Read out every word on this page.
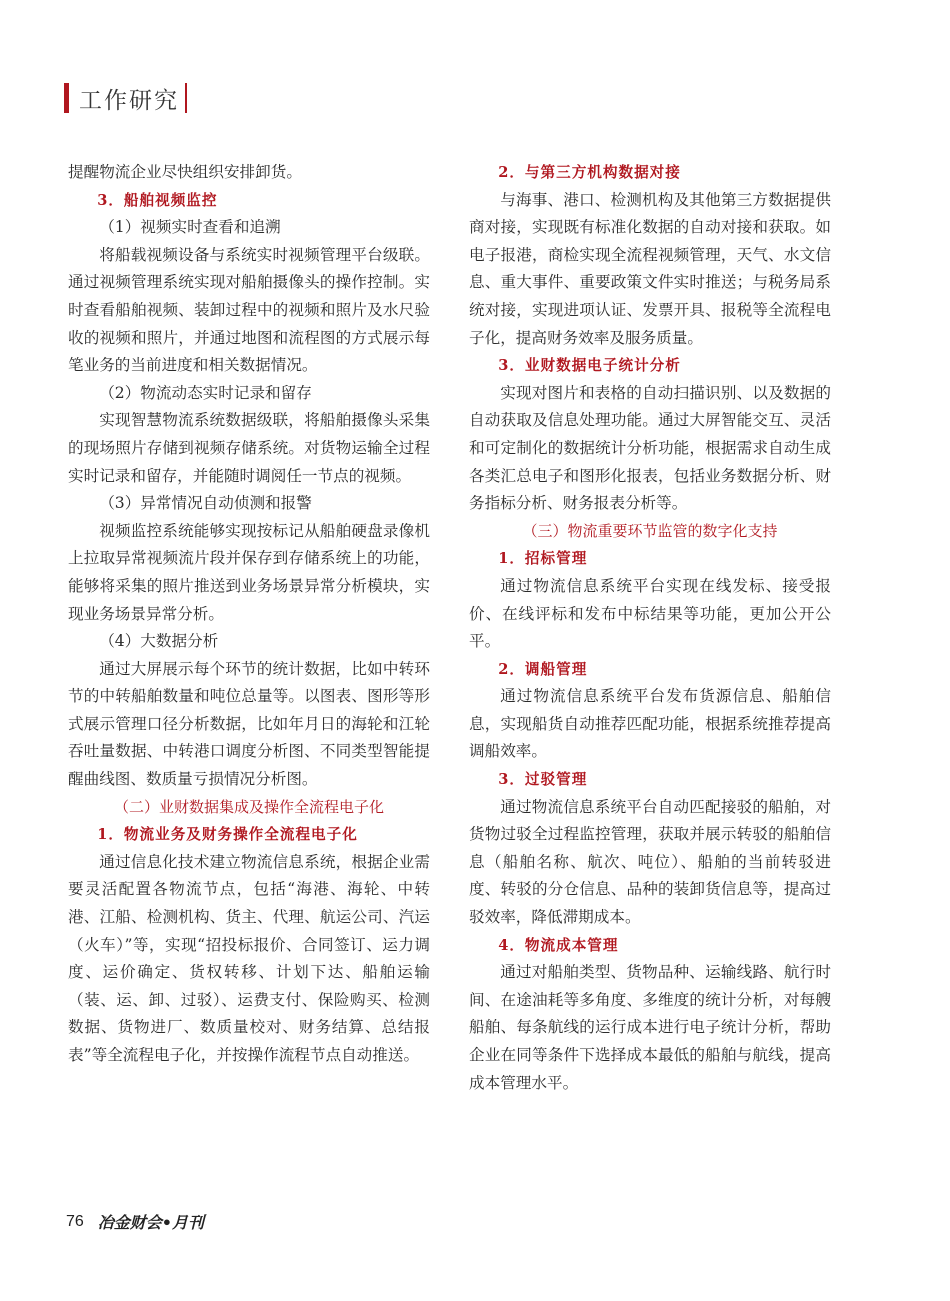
工作研究

提醒物流企业尽快组织安排卸货。

3．船舶视频监控

（1）视频实时查看和追溯

将船载视频设备与系统实时视频管理平台级联。通过视频管理系统实现对船舶摄像头的操作控制。实时查看船舶视频、装卸过程中的视频和照片及水尺验收的视频和照片，并通过地图和流程图的方式展示每笔业务的当前进度和相关数据情况。

（2）物流动态实时记录和留存

实现智慧物流系统数据级联，将船舶摄像头采集的现场照片存储到视频存储系统。对货物运输全过程实时记录和留存，并能随时调阅任一节点的视频。

（3）异常情况自动侦测和报警

视频监控系统能够实现按标记从船舶硬盘录像机上拉取异常视频流片段并保存到存储系统上的功能，能够将采集的照片推送到业务场景异常分析模块，实现业务场景异常分析。

（4）大数据分析

通过大屏展示每个环节的统计数据，比如中转环节的中转船舶数量和吨位总量等。以图表、图形等形式展示管理口径分析数据，比如年月日的海轮和江轮吞吐量数据、中转港口调度分析图、不同类型智能提醒曲线图、数质量亏损情况分析图。

（二）业财数据集成及操作全流程电子化
1．物流业务及财务操作全流程电子化

通过信息化技术建立物流信息系统，根据企业需要灵活配置各物流节点，包括“海港、海轮、中转港、江船、检测机构、货主、代理、航运公司、汽运（火车）”等，实现“招投标报价、合同签订、运力调度、运价确定、货权转移、计划下达、船舶运输（装、运、卸、过驳）、运费支付、保险购买、检测数据、货物进厂、数质量校对、财务结算、总结报表”等全流程电子化，并按操作流程节点自动推送。

2．与第三方机构数据对接

与海事、港口、检测机构及其他第三方数据提供商对接，实现既有标准化数据的自动对接和获取。如电子报港，商检实现全流程视频管理，天气、水文信息、重大事件、重要政策文件实时推送；与税务局系统对接，实现进项认证、发票开具、报税等全流程电子化，提高财务效率及服务质量。

3．业财数据电子统计分析

实现对图片和表格的自动扫描识别、以及数据的自动获取及信息处理功能。通过大屏智能交互、灵活和可定制化的数据统计分析功能，根据需求自动生成各类汇总电子和图形化报表，包括业务数据分析、财务指标分析、财务报表分析等。

（三）物流重要环节监管的数字化支持
1．招标管理

通过物流信息系统平台实现在线发标、接受报价、在线评标和发布中标结果等功能，更加公开公平。

2．调船管理

通过物流信息系统平台发布货源信息、船舶信息，实现船货自动推荐匹配功能，根据系统推荐提高调船效率。

3．过驳管理

通过物流信息系统平台自动匹配接驳的船舶，对货物过驳全过程监控管理，获取并展示转驳的船舶信息（船舶名称、航次、吨位）、船舶的当前转驳进度、转驳的分仓信息、品种的装卸货信息等，提高过驳效率，降低滞期成本。

4．物流成本管理

通过对船舶类型、货物品种、运输线路、航行时间、在途油耗等多角度、多维度的统计分析，对每艘船舶、每条航线的运行成本进行电子统计分析，帮助企业在同等条件下选择成本最低的船舶与航线，提高成本管理水平。

76 冶金财会•月刊
